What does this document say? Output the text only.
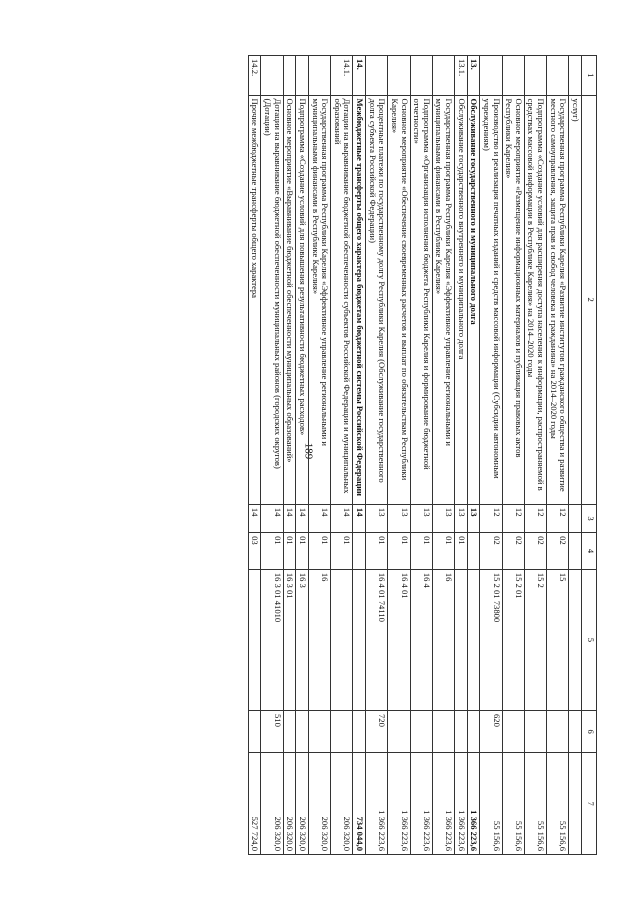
189
1	2	3	4	5	6	7
	услуг)					
	Государственная программа Республики Карелия «Развитие институтов гражданского общества и развитие местного самоуправления, защита прав и свобод человека и гражданина» на 2014–2020 годы	12	02	15		55 156,6
	Подпрограмма «Создание условий для расширения доступа населения к информации, распространяемой в средствах массовой информации в Республике Карелия» на 2014–2020 годы	12	02	15 2		55 156,6
	Основное мероприятие «Размещение информационных материалов и публикация правовых актов Республики Карелия»	12	02	15 2 01		55 156,6
	Производство и реализация печатных изданий и средств массовой информации (Субсидии автономным учреждениям)	12	02	15 2 01 73800	620	55 156,6
13.	Обслуживание государственного и муниципального долга	13				1 366 223,6
13.1.	Обслуживание государственного внутреннего и муниципального долга	13	01			1 366 223,6
	Государственная программа Республики Карелия «Эффективное управление региональными и муниципальными финансами в Республике Карелия»	13	01	16		1 366 223,6
	Подпрограмма «Организация исполнения бюджета Республики Карелия и формирование бюджетной отчетности»	13	01	16 4		1 366 223,6
	Основное мероприятие «Обеспечение своевременных расчетов и выплат по обязательствам Республики Карелия»	13	01	16 4 01		1 366 223,6
	Процентные платежи по государственному долгу Республики Карелия (Обслуживание государственного долга субъекта Российской Федерации)	13	01	16 4 01 74110	720	1 366 223,6
14.	Межбюджетные трансферты общего характера бюджетам бюджетной системы Российской Федерации	14				734 044,0
14.1.	Дотации на выравнивание бюджетной обеспеченности субъектов Российской Федерации и муниципальных образований	14	01			206 320,0
	Государственная программа Республики Карелия «Эффективное управление региональными и муниципальными финансами в Республике Карелия»	14	01	16		206 320,0
	Подпрограмма «Создание условий для повышения результативности бюджетных расходов»	14	01	16 3		206 320,0
	Основное мероприятие «Выравнивание бюджетной обеспеченности муниципальных образований»	14	01	16 3 01		206 320,0
	Дотации на выравнивание бюджетной обеспеченности муниципальных районов (городских округов) (Дотации)	14	01	16 3 01 41010	510	206 320,0
14.2.	Прочие межбюджетные трансферты общего характера	14	03			527 724,0
